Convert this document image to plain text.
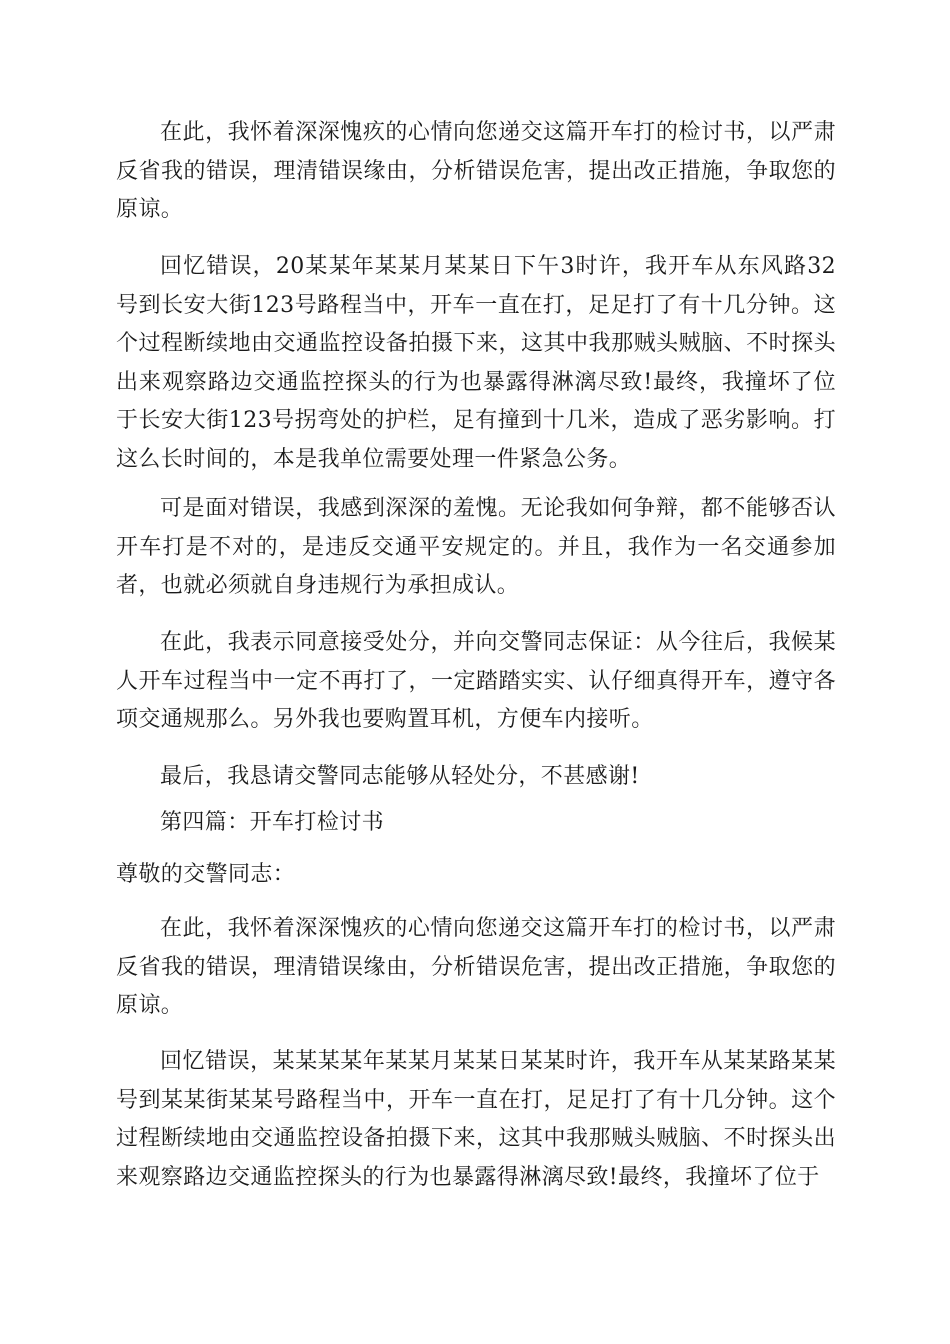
在此，我怀着深深愧疚的心情向您递交这篇开车打的检讨书，以严肃反省我的错误，理清错误缘由，分析错误危害，提出改正措施，争取您的原谅。

回忆错误，20某某年某某月某某日下午3时许，我开车从东风路32号到长安大街123号路程当中，开车一直在打，足足打了有十几分钟。这个过程断续地由交通监控设备拍摄下来，这其中我那贼头贼脑、不时探头出来观察路边交通监控探头的行为也暴露得淋漓尽致!最终，我撞坏了位于长安大街123号拐弯处的护栏，足有撞到十几米，造成了恶劣影响。打这么长时间的，本是我单位需要处理一件紧急公务。

可是面对错误，我感到深深的羞愧。无论我如何争辩，都不能够否认开车打是不对的，是违反交通平安规定的。并且，我作为一名交通参加者，也就必须就自身违规行为承担成认。

在此，我表示同意接受处分，并向交警同志保证：从今往后，我候某人开车过程当中一定不再打了，一定踏踏实实、认仔细真得开车，遵守各项交通规那么。另外我也要购置耳机，方便车内接听。

最后，我恳请交警同志能够从轻处分，不甚感谢!

第四篇：开车打检讨书

尊敬的交警同志：

在此，我怀着深深愧疚的心情向您递交这篇开车打的检讨书，以严肃反省我的错误，理清错误缘由，分析错误危害，提出改正措施，争取您的原谅。

回忆错误，某某某某年某某月某某日某某时许，我开车从某某路某某号到某某街某某号路程当中，开车一直在打，足足打了有十几分钟。这个过程断续地由交通监控设备拍摄下来，这其中我那贼头贼脑、不时探头出来观察路边交通监控探头的行为也暴露得淋漓尽致!最终，我撞坏了位于
